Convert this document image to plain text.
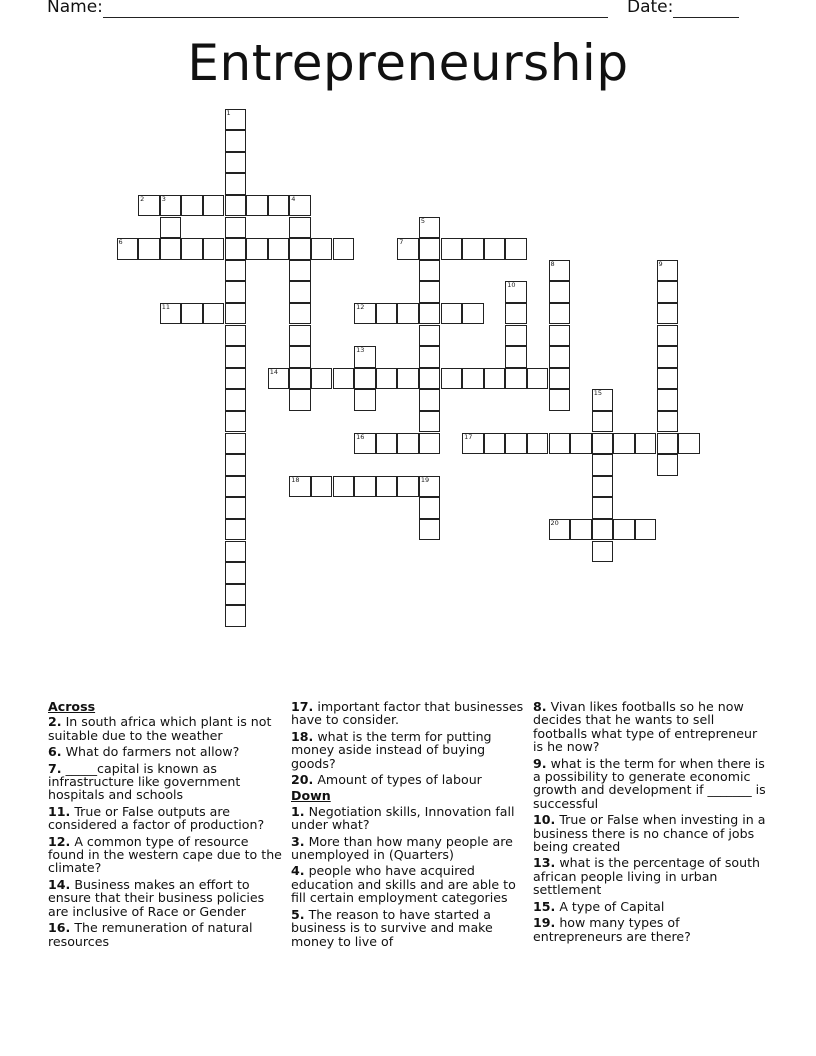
Name:	Date:
Entrepreneurship
1
2	3	4
5
6	7
8	9
10
11	12
13
14
15
16	17
18	19
20
Across
2. In south africa which plant is not suitable due to the weather
6. What do farmers not allow?
7. _____capital is known as infrastructure like government hospitals and schools
11. True or False outputs are considered a factor of production?
12. A common type of resource found in the western cape due to the climate?
14. Business makes an effort to ensure that their business policies are inclusive of Race or Gender
16. The remuneration of natural resources
17. important factor that businesses have to consider.
18. what is the term for putting money aside instead of buying goods?
20. Amount of types of labour
Down
1. Negotiation skills, Innovation fall under what?
3. More than how many people are unemployed in (Quarters)
4. people who have acquired education and skills and are able to fill certain employment categories
5. The reason to have started a business is to survive and make money to live of
8. Vivan likes footballs so he now decides that he wants to sell footballs what type of entrepreneur is he now?
9. what is the term for when there is a possibility to generate economic growth and development if _______ is successful
10. True or False when investing in a business there is no chance of jobs being created
13. what is the percentage of south african people living in urban settlement
15. A type of Capital
19. how many types of entrepreneurs are there?
